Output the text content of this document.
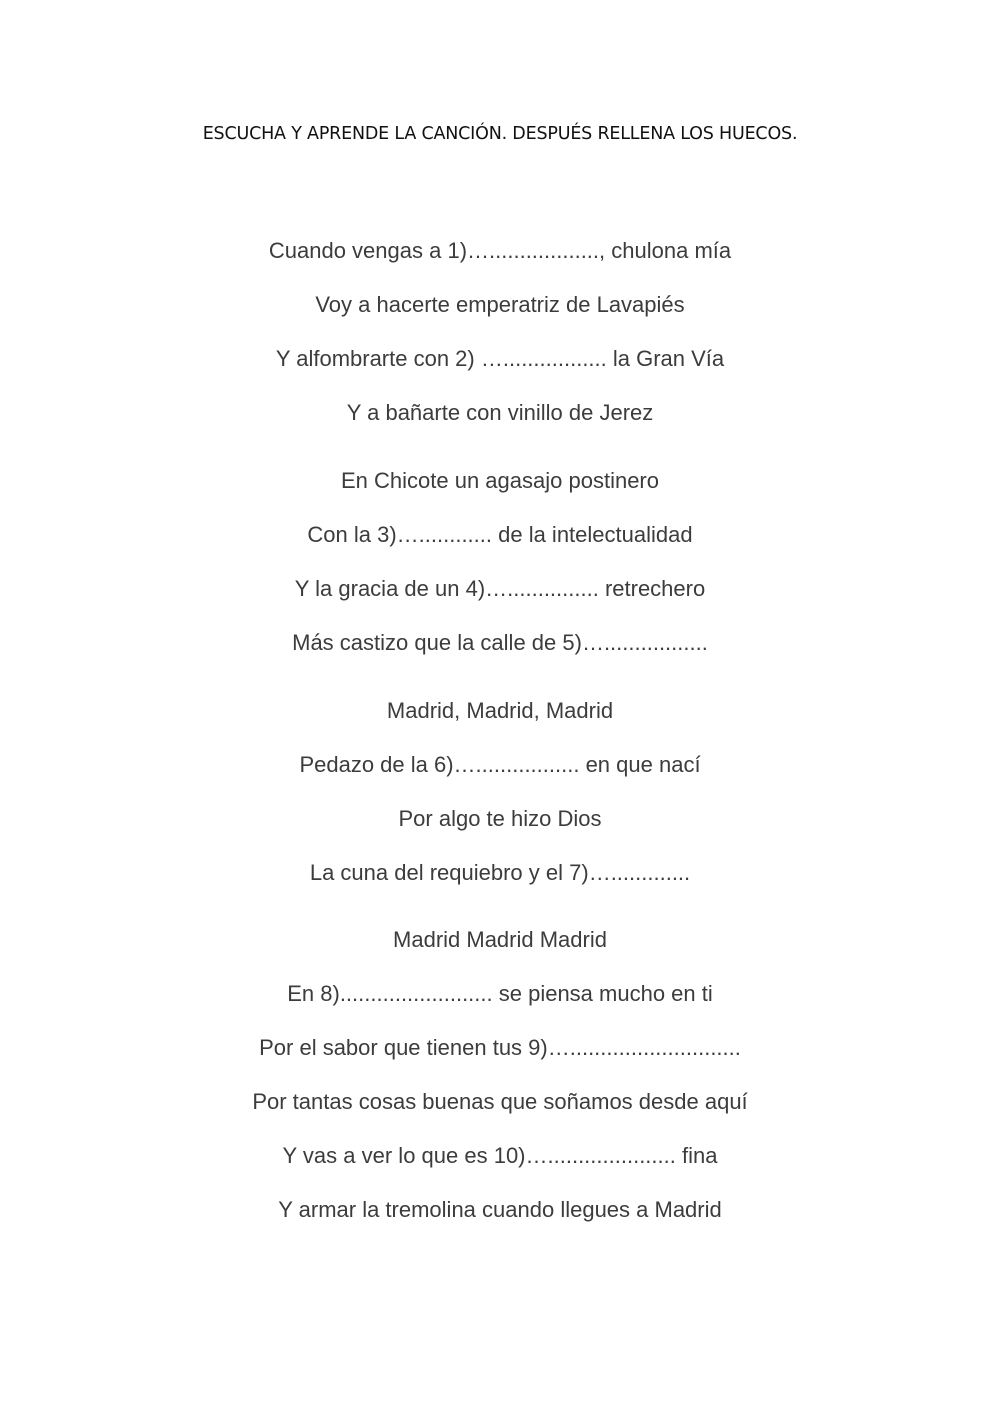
ESCUCHA Y APRENDE LA CANCIÓN. DESPUÉS RELLENA LOS HUECOS.
Cuando vengas a 1)….................., chulona mía
Voy a hacerte emperatriz de Lavapiés
Y alfombrarte con 2) …................. la Gran Vía
Y a bañarte con vinillo de Jerez
En Chicote un agasajo postinero
Con la 3)…............ de la intelectualidad
Y la gracia de un 4)…............... retrechero
Más castizo que la calle de 5)….................
Madrid, Madrid, Madrid
Pedazo de la 6)…................. en que nací
Por algo te hizo Dios
La cuna del requiebro y el 7)….............
Madrid Madrid Madrid
En 8)......................... se piensa mucho en ti
Por el sabor que tienen tus 9)…............................
Por tantas cosas buenas que soñamos desde aquí
Y vas a ver lo que es 10)…..................... fina
Y armar la tremolina cuando llegues a Madrid
